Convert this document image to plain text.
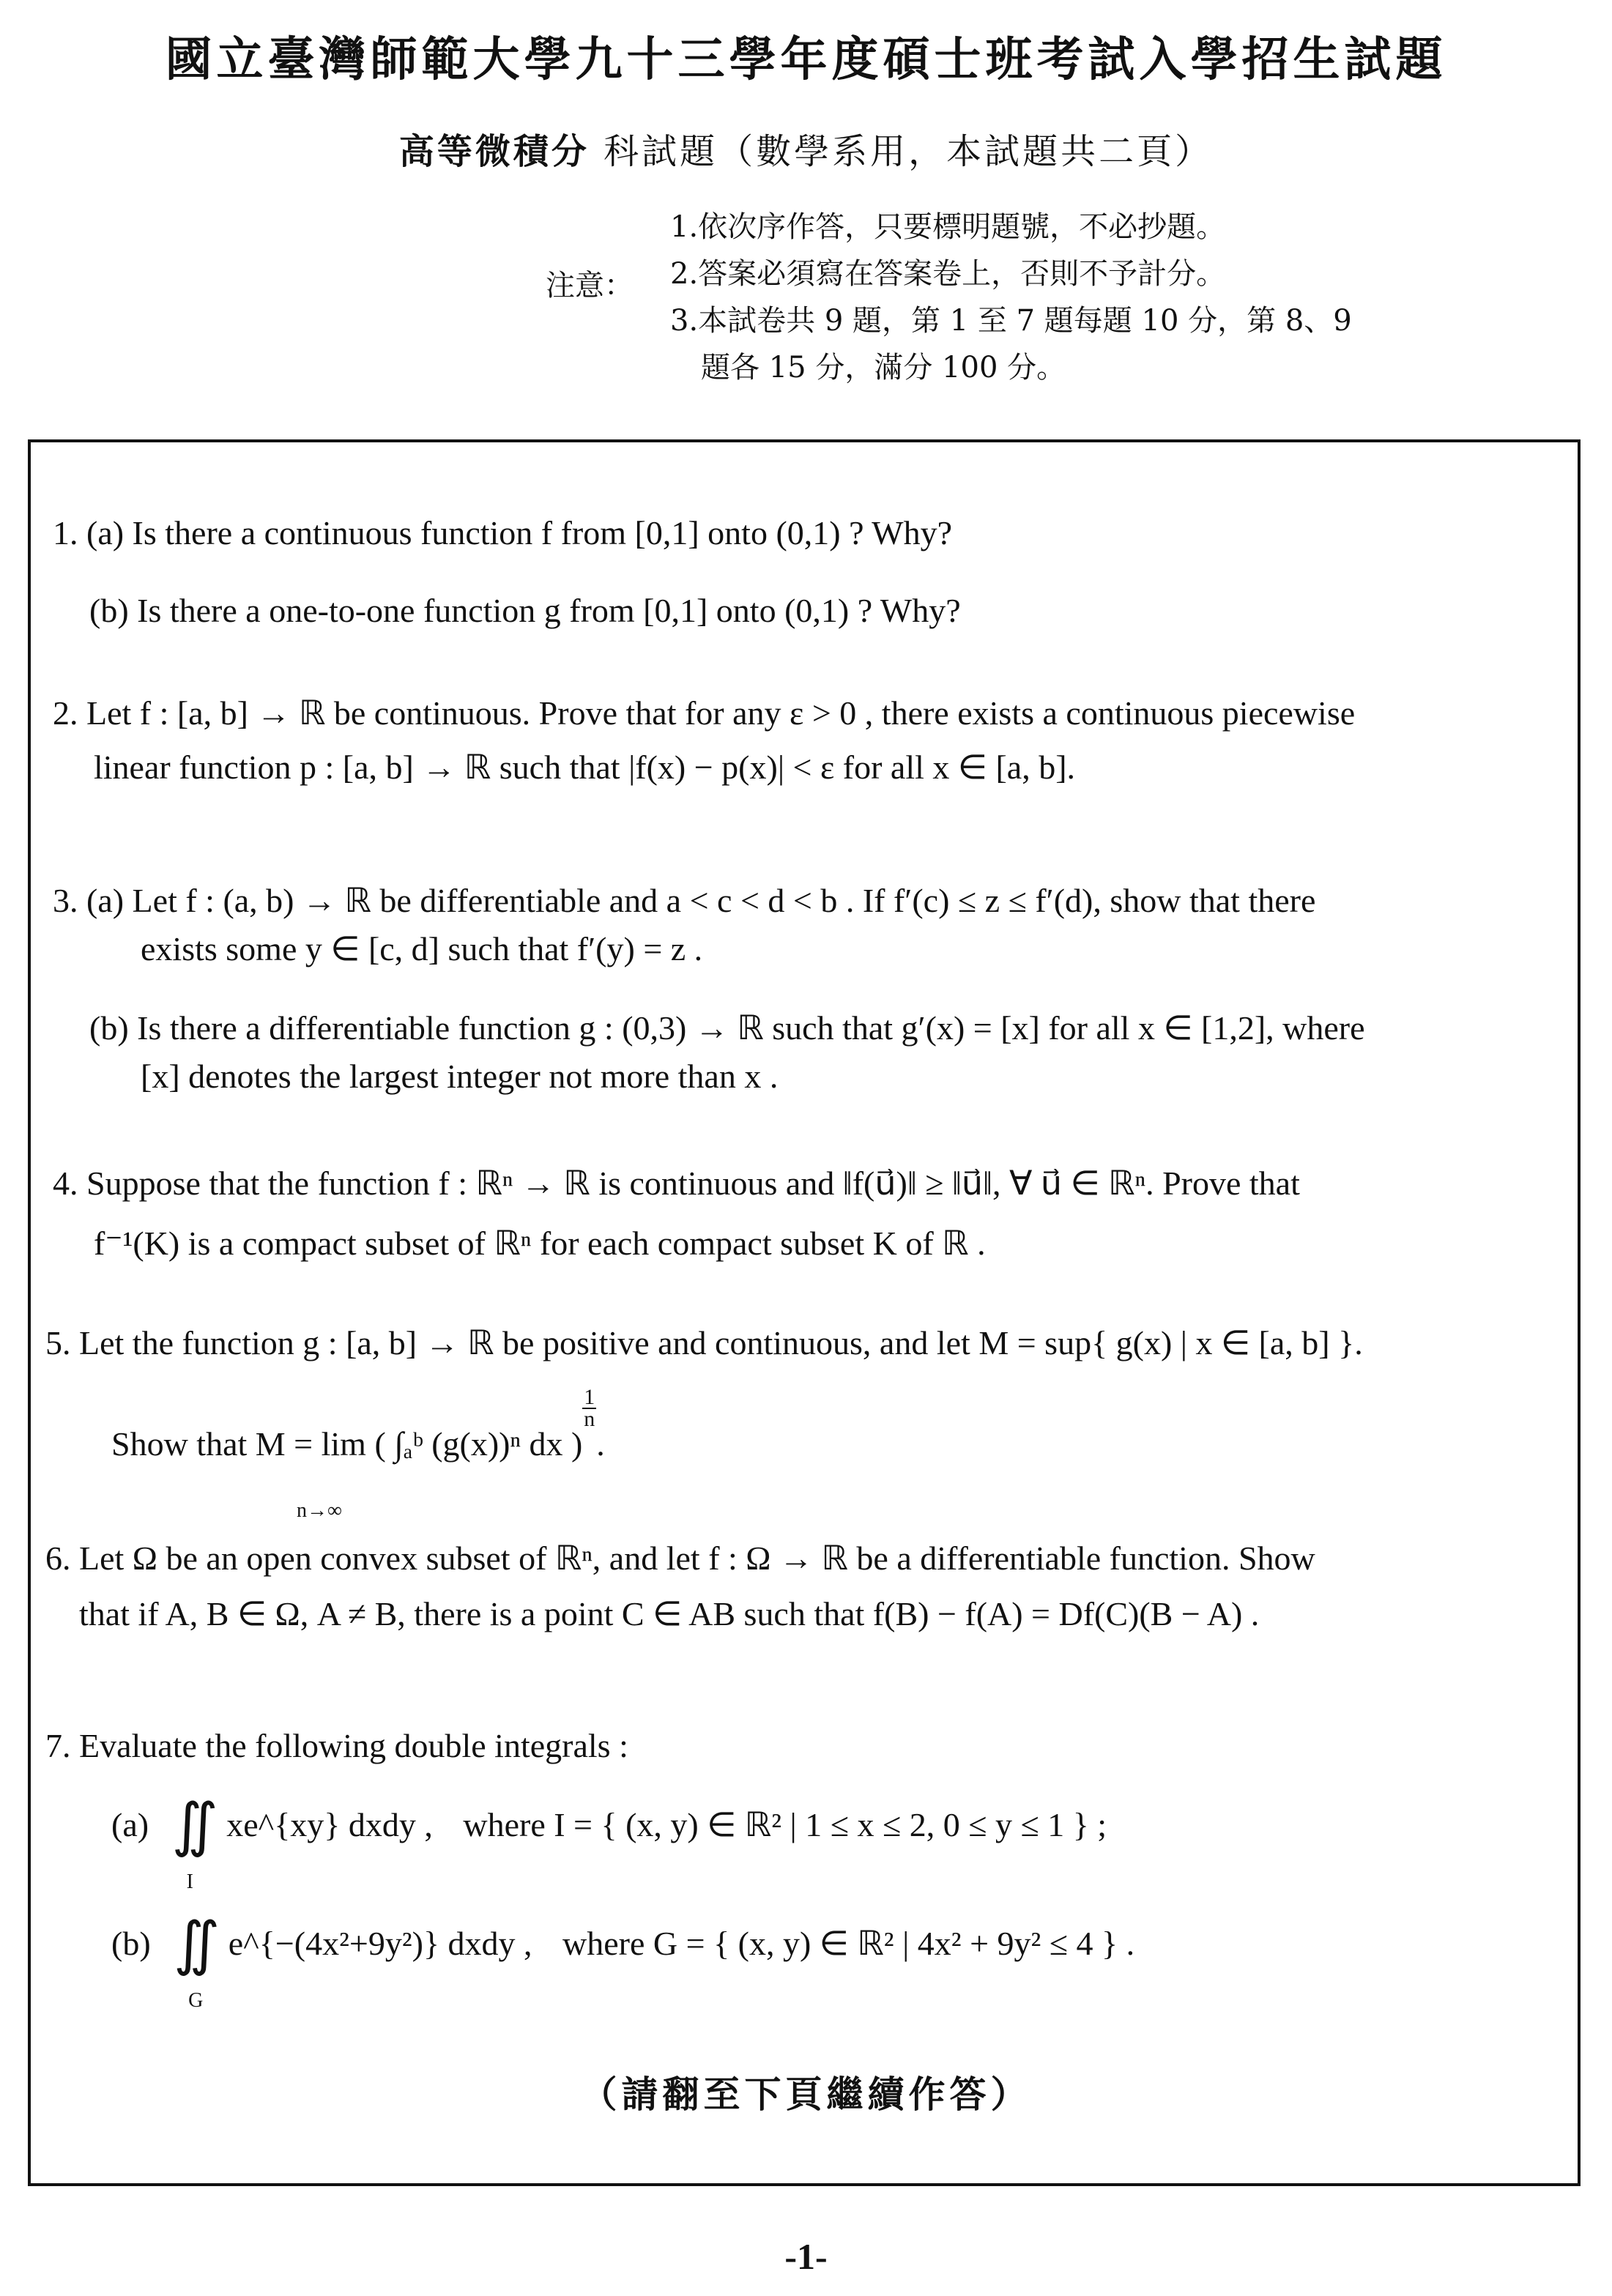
國立臺灣師範大學九十三學年度碩士班考試入學招生試題
高等微積分 科試題（數學系用，本試題共二頁）
注意：
1.依次序作答，只要標明題號，不必抄題。
2.答案必須寫在答案卷上，否則不予計分。
3.本試卷共 9 題，第 1 至 7 題每題 10 分，第 8、9
題各 15 分，滿分 100 分。
1. (a) Is there a continuous function f from [0,1] onto (0,1) ? Why?
(b) Is there a one-to-one function g from [0,1] onto (0,1) ? Why?
2. Let f : [a, b] → ℝ be continuous. Prove that for any ε > 0 , there exists a continuous piecewise
linear function p : [a, b] → ℝ such that |f(x) − p(x)| < ε for all x ∈ [a, b].
3. (a) Let f : (a, b) → ℝ be differentiable and a < c < d < b . If f′(c) ≤ z ≤ f′(d), show that there
exists some y ∈ [c, d] such that f′(y) = z .
(b) Is there a differentiable function g : (0,3) → ℝ such that g′(x) = [x] for all x ∈ [1,2], where
[x] denotes the largest integer not more than x .
4. Suppose that the function f : ℝⁿ → ℝ is continuous and ‖f(u⃗)‖ ≥ ‖u⃗‖, ∀ u⃗ ∈ ℝⁿ. Prove that
f⁻¹(K) is a compact subset of ℝⁿ for each compact subset K of ℝ .
5. Let the function g : [a, b] → ℝ be positive and continuous, and let M = sup{ g(x) | x ∈ [a, b] }.
Show that M = lim
n→∞
( ∫ₐᵇ (g(x))ⁿ dx )
$\frac{1}{n}$.
6. Let Ω be an open convex subset of ℝⁿ, and let f : Ω → ℝ be a differentiable function. Show
that if A, B ∈ Ω, A ≠ B, there is a point C ∈ AB such that f(B) − f(A) = Df(C)(B − A) .
7. Evaluate the following double integrals :
(a) ∬
I
xe^{xy} dxdy , where I = { (x, y) ∈ ℝ² | 1 ≤ x ≤ 2, 0 ≤ y ≤ 1 } ;
(b) ∬
G
e^{−(4x²+9y²)} dxdy , where G = { (x, y) ∈ ℝ² | 4x² + 9y² ≤ 4 } .
（請翻至下頁繼續作答）
-1-
